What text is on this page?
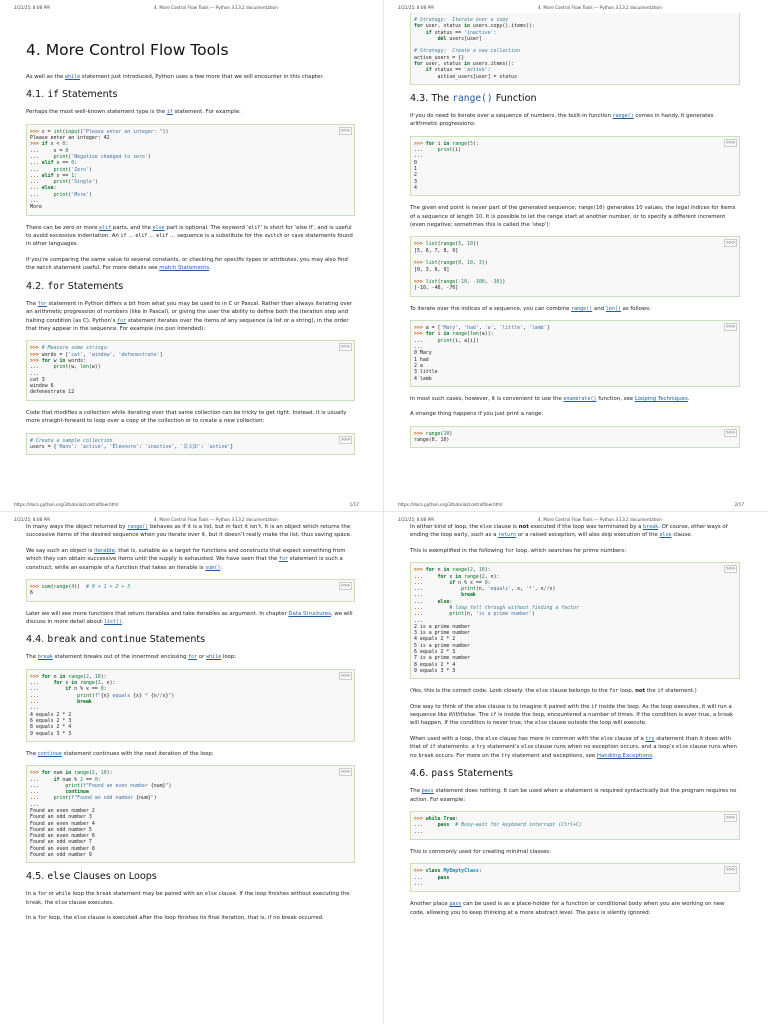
2/21/25, 8:08 PM	4. More Control Flow Tools — Python 3.13.2 documentation
4. More Control Flow Tools

As well as the while statement just introduced, Python uses a few more that we will encounter in this chapter.

4.1. if Statements

Perhaps the most well-known statement type is the if statement. For example:

>>>
>>> x = int(input("Please enter an integer: "))
Please enter an integer: 42
>>> if x < 0:
...     x = 0
...     print('Negative changed to zero')
... elif x == 0:
...     print('Zero')
... elif x == 1:
...     print('Single')
... else:
...     print('More')
...
More

There can be zero or more elif parts, and the else part is optional. The keyword ‘elif’ is short for ‘else if’, and is useful to avoid excessive indentation. An if … elif … elif … sequence is a substitute for the switch or case statements found in other languages.

If you’re comparing the same value to several constants, or checking for specific types or attributes, you may also find the match statement useful. For more details see match Statements.

4.2. for Statements

The for statement in Python differs a bit from what you may be used to in C or Pascal. Rather than always iterating over an arithmetic progression of numbers (like in Pascal), or giving the user the ability to define both the iteration step and halting condition (as C), Python’s for statement iterates over the items of any sequence (a list or a string), in the order that they appear in the sequence. For example (no pun intended):

>>>
>>> # Measure some strings:
>>> words = ['cat', 'window', 'defenestrate']
>>> for w in words:
...     print(w, len(w))
...
cat 3
window 6
defenestrate 12

Code that modifies a collection while iterating over that same collection can be tricky to get right. Instead, it is usually more straight-forward to loop over a copy of the collection or to create a new collection:

>>>
# Create a sample collection
users = {'Hans': 'active', 'Éléonore': 'inactive', '景太郎': 'active'}
https://docs.python.org/3/tutorial/controlflow.html	1/17
2/21/25, 8:08 PM	4. More Control Flow Tools — Python 3.13.2 documentation
# Strategy:  Iterate over a copy
for user, status in users.copy().items():
if status == 'inactive':
del users[user]

# Strategy:  Create a new collection
active_users = {}
for user, status in users.items():
if status == 'active':
active_users[user] = status
4.3. The range() Function

If you do need to iterate over a sequence of numbers, the built-in function range() comes in handy. It generates arithmetic progressions:

>>>
>>> for i in range(5):
...     print(i)
...
0
1
2
3
4

The given end point is never part of the generated sequence; range(10) generates 10 values, the legal indices for items of a sequence of length 10. It is possible to let the range start at another number, or to specify a different increment (even negative; sometimes this is called the ‘step’):

>>>
>>> list(range(5, 10))
[5, 6, 7, 8, 9]

>>> list(range(0, 10, 3))
[0, 3, 6, 9]

>>> list(range(-10, -100, -30))
[-10, -40, -70]

To iterate over the indices of a sequence, you can combine range() and len() as follows:

>>>
>>> a = ['Mary', 'had', 'a', 'little', 'lamb']
>>> for i in range(len(a)):
...     print(i, a[i])
...
0 Mary
1 had
2 a
3 little
4 lamb

In most such cases, however, it is convenient to use the enumerate() function, see Looping Techniques.

A strange thing happens if you just print a range:

>>>
>>> range(10)
range(0, 10)
https://docs.python.org/3/tutorial/controlflow.html	2/17
2/21/25, 8:08 PM	4. More Control Flow Tools — Python 3.13.2 documentation

In many ways the object returned by range() behaves as if it is a list, but in fact it isn’t. It is an object which returns the successive items of the desired sequence when you iterate over it, but it doesn’t really make the list, thus saving space.

We say such an object is iterable, that is, suitable as a target for functions and constructs that expect something from which they can obtain successive items until the supply is exhausted. We have seen that the for statement is such a construct, while an example of a function that takes an iterable is sum():

>>>
>>> sum(range(4))  # 0 + 1 + 2 + 3
6

Later we will see more functions that return iterables and take iterables as argument. In chapter Data Structures, we will discuss in more detail about list().

4.4. break and continue Statements

The break statement breaks out of the innermost enclosing for or while loop:

>>>
>>> for n in range(2, 10):
...     for x in range(2, n):
...	if n % x == 0:
...	print(f"{n} equals {x} * {n//x}")
...	break
...
4 equals 2 * 2
6 equals 2 * 3
8 equals 2 * 4
9 equals 3 * 3

The continue statement continues with the next iteration of the loop:

>>>
>>> for num in range(2, 10):
...     if num % 2 == 0:
...	print(f"Found an even number {num}")
...	continue
...     print(f"Found an odd number {num}")
...
Found an even number 2
Found an odd number 3
Found an even number 4
Found an odd number 5
Found an even number 6
Found an odd number 7
Found an even number 8
Found an odd number 9
4.5. else Clauses on Loops

In a for or while loop the break statement may be paired with an else clause. If the loop finishes without executing the break, the else clause executes.

In a for loop, the else clause is executed after the loop finishes its final iteration, that is, if no break occurred.

2/21/25, 8:08 PM	4. More Control Flow Tools — Python 3.13.2 documentation

In either kind of loop, the else clause is not executed if the loop was terminated by a break. Of course, other ways of ending the loop early, such as a return or a raised exception, will also skip execution of the else clause.

This is exemplified in the following for loop, which searches for prime numbers:

>>>
>>> for n in range(2, 10):
...     for x in range(2, n):
...	if n % x == 0:
...	print(n, 'equals', x, '*', n//x)
...	break
...     else:
...	# loop fell through without finding a factor
...	print(n, 'is a prime number')
...
2 is a prime number
3 is a prime number
4 equals 2 * 2
5 is a prime number
6 equals 2 * 3
7 is a prime number
8 equals 2 * 4
9 equals 3 * 3

(Yes, this is the correct code. Look closely: the else clause belongs to the for loop, not the if statement.)

One way to think of the else clause is to imagine it paired with the if inside the loop. As the loop executes, it will run a sequence like if/if/if/else. The if is inside the loop, encountered a number of times. If the condition is ever true, a break will happen. If the condition is never true, the else clause outside the loop will execute.

When used with a loop, the else clause has more in common with the else clause of a try statement than it does with that of if statements: a try statement’s else clause runs when no exception occurs, and a loop’s else clause runs when no break occurs. For more on the try statement and exceptions, see Handling Exceptions.

4.6. pass Statements

The pass statement does nothing. It can be used when a statement is required syntactically but the program requires no action. For example:

>>>
>>> while True:
...     pass # Busy-wait for keyboard interrupt (Ctrl+C)
...

This is commonly used for creating minimal classes:

>>>
>>> class MyEmptyClass:
...     pass
...

Another place pass can be used is as a place-holder for a function or conditional body when you are working on new code, allowing you to keep thinking at a more abstract level. The pass is silently ignored:
